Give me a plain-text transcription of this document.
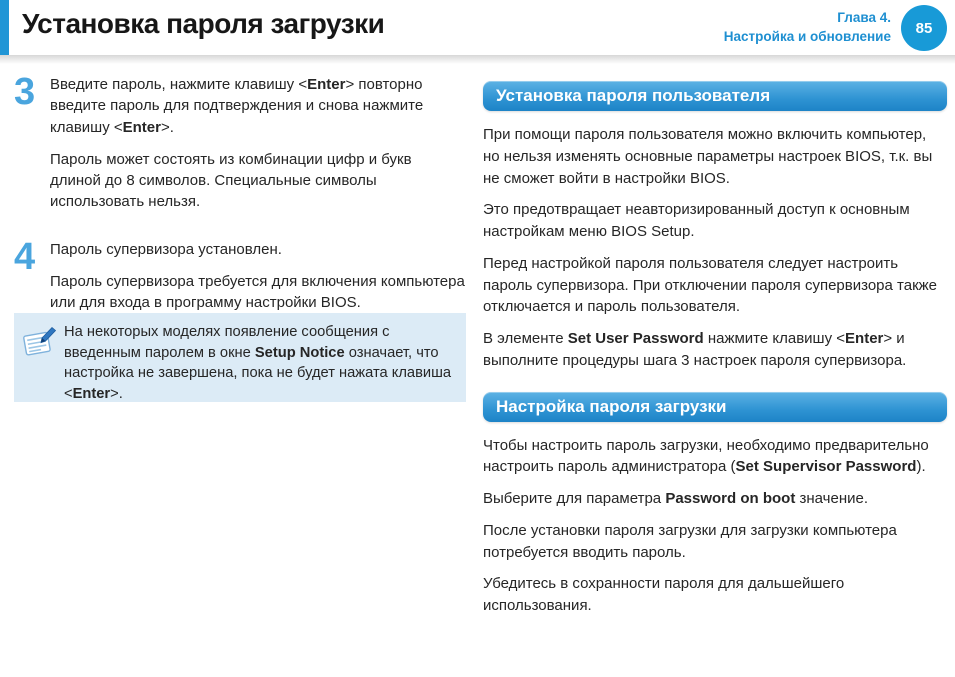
Установка пароля загрузки	Глава 4.
Настройка и обновление	85
3 Введите пароль, нажмите клавишу <Enter> повторно введите пароль для подтверждения и снова нажмите клавишу <Enter>.

Пароль может состоять из комбинации цифр и букв длиной до 8 символов. Специальные символы использовать нельзя.

4 Пароль супервизора установлен.

Пароль супервизора требуется для включения компьютера или для входа в программу настройки BIOS.

На некоторых моделях появление сообщения с введенным паролем в окне Setup Notice означает, что настройка не завершена, пока не будет нажата клавиша <Enter>.
Установка пароля пользователя

При помощи пароля пользователя можно включить компьютер, но нельзя изменять основные параметры настроек BIOS, т.к. вы не сможет войти в настройки BIOS.

Это предотвращает неавторизированный доступ к основным настройкам меню BIOS Setup.

Перед настройкой пароля пользователя следует настроить пароль супервизора. При отключении пароля супервизора также отключается и пароль пользователя.

В элементе Set User Password нажмите клавишу <Enter> и выполните процедуры шага 3 настроек пароля супервизора.

Настройка пароля загрузки

Чтобы настроить пароль загрузки, необходимо предварительно настроить пароль администратора (Set Supervisor Password).

Выберите для параметра Password on boot значение.

После установки пароля загрузки для загрузки компьютера потребуется вводить пароль.

Убедитесь в сохранности пароля для дальшейшего использования.
